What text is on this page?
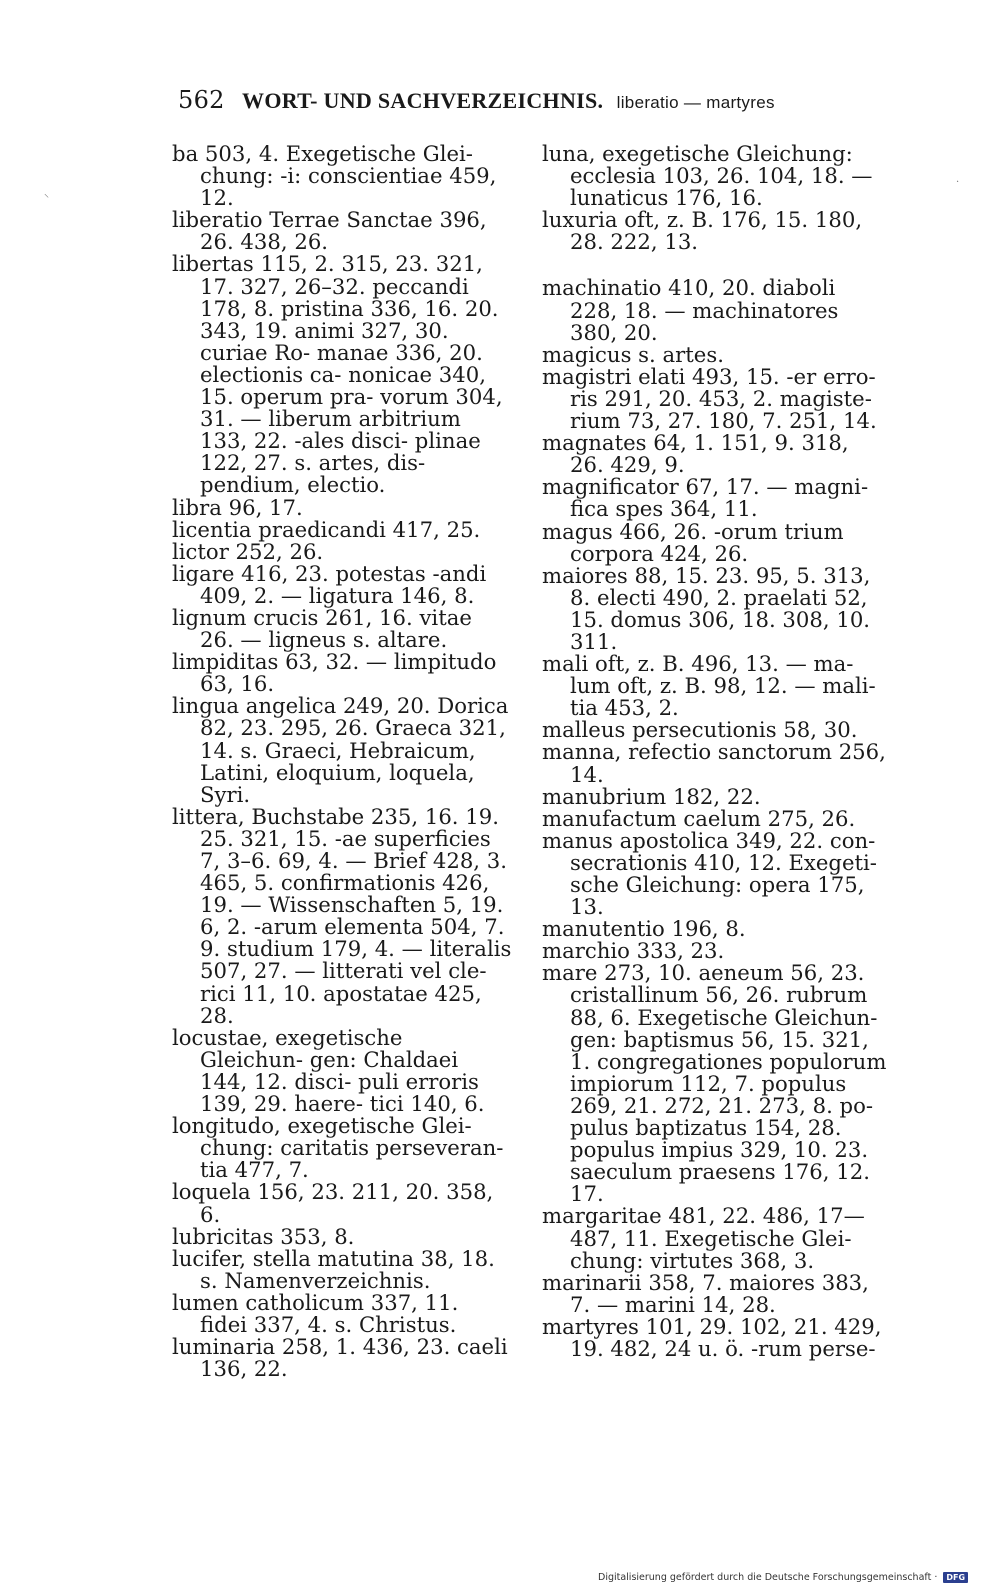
562 WORT- UND SACHVERZEICHNIS. liberatio — martyres

ba 503, 4. Exegetische Glei- chung: -i: conscientiae 459, 12.

liberatio Terrae Sanctae 396, 26. 438, 26.

libertas 115, 2. 315, 23. 321, 17. 327, 26–32. peccandi 178, 8. pristina 336, 16. 20. 343, 19. animi 327, 30. curiae Ro- manae 336, 20. electionis ca- nonicae 340, 15. operum pra- vorum 304, 31. — liberum arbitrium 133, 22. -ales disci- plinae 122, 27. s. artes, dis- pendium, electio.

libra 96, 17.

licentia praedicandi 417, 25.

lictor 252, 26.

ligare 416, 23. potestas -andi 409, 2. — ligatura 146, 8.

lignum crucis 261, 16. vitae 26. — ligneus s. altare.

limpiditas 63, 32. — limpitudo 63, 16.

lingua angelica 249, 20. Dorica 82, 23. 295, 26. Graeca 321, 14. s. Graeci, Hebraicum, Latini, eloquium, loquela, Syri.

littera, Buchstabe 235, 16. 19. 25. 321, 15. -ae superficies 7, 3–6. 69, 4. — Brief 428, 3. 465, 5. confirmationis 426, 19. — Wissenschaften 5, 19. 6, 2. -arum elementa 504, 7. 9. studium 179, 4. — literalis 507, 27. — litterati vel cle- rici 11, 10. apostatae 425, 28.

locustae, exegetische Gleichun- gen: Chaldaei 144, 12. disci- puli erroris 139, 29. haere- tici 140, 6.

longitudo, exegetische Glei- chung: caritatis perseveran- tia 477, 7.

loquela 156, 23. 211, 20. 358, 6.

lubricitas 353, 8.

lucifer, stella matutina 38, 18. s. Namenverzeichnis.

lumen catholicum 337, 11. fidei 337, 4. s. Christus.

luminaria 258, 1. 436, 23. caeli 136, 22.

luna, exegetische Gleichung: ecclesia 103, 26. 104, 18. — lunaticus 176, 16.

luxuria oft, z. B. 176, 15. 180, 28. 222, 13.

machinatio 410, 20. diaboli 228, 18. — machinatores 380, 20.

magicus s. artes.

magistri elati 493, 15. -er erro- ris 291, 20. 453, 2. magiste- rium 73, 27. 180, 7. 251, 14.

magnates 64, 1. 151, 9. 318, 26. 429, 9.

magnificator 67, 17. — magni- fica spes 364, 11.

magus 466, 26. -orum trium corpora 424, 26.

maiores 88, 15. 23. 95, 5. 313, 8. electi 490, 2. praelati 52, 15. domus 306, 18. 308, 10. 311.

mali oft, z. B. 496, 13. — ma- lum oft, z. B. 98, 12. — mali- tia 453, 2.

malleus persecutionis 58, 30.

manna, refectio sanctorum 256, 14.

manubrium 182, 22.

manufactum caelum 275, 26.

manus apostolica 349, 22. con- secrationis 410, 12. Exegeti- sche Gleichung: opera 175, 13.

manutentio 196, 8.

marchio 333, 23.

mare 273, 10. aeneum 56, 23. cristallinum 56, 26. rubrum 88, 6. Exegetische Gleichun- gen: baptismus 56, 15. 321, 1. congregationes populorum impiorum 112, 7. populus 269, 21. 272, 21. 273, 8. po- pulus baptizatus 154, 28. populus impius 329, 10. 23. saeculum praesens 176, 12. 17.

margaritae 481, 22. 486, 17— 487, 11. Exegetische Glei- chung: virtutes 368, 3.

marinarii 358, 7. maiores 383, 7. — marini 14, 28.

martyres 101, 29. 102, 21. 429, 19. 482, 24 u. ö. -rum perse-

⸌
.
Digitalisierung gefördert durch die Deutsche Forschungsgemeinschaft · DFG
